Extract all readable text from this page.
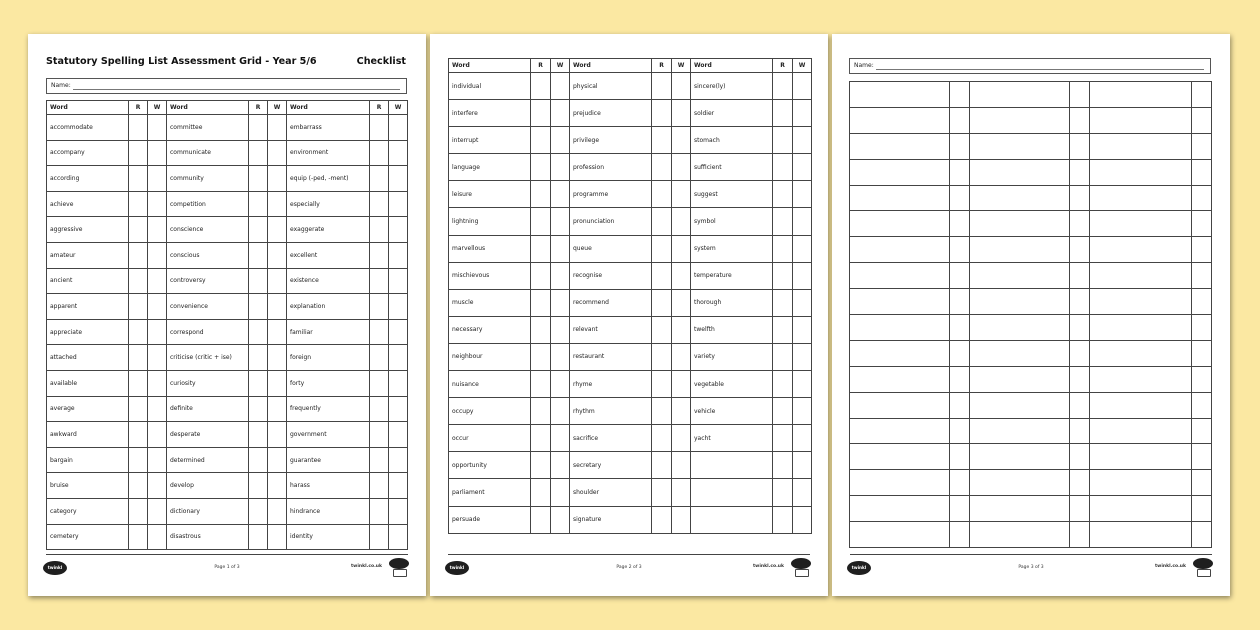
Statutory Spelling List Assessment Grid - Year 5/6	Checklist
Name:
Word	R	W	Word	R	W	Word	R	W
accommodate			committee			embarrass		
accompany			communicate			environment		
according			community			equip (-ped, -ment)		
achieve			competition			especially		
aggressive			conscience			exaggerate		
amateur			conscious			excellent		
ancient			controversy			existence		
apparent			convenience			explanation		
appreciate			correspond			familiar		
attached			criticise (critic + ise)			foreign		
available			curiosity			forty		
average			definite			frequently		
awkward			desperate			government		
bargain			determined			guarantee		
bruise			develop			harass		
category			dictionary			hindrance		
cemetery			disastrous			identity		
twinkl	Page 1 of 3	twinkl.co.uk
Word	R	W	Word	R	W	Word	R	W
individual			physical			sincere(ly)		
interfere			prejudice			soldier		
interrupt			privilege			stomach		
language			profession			sufficient		
leisure			programme			suggest		
lightning			pronunciation			symbol		
marvellous			queue			system		
mischievous			recognise			temperature		
muscle			recommend			thorough		
necessary			relevant			twelfth		
neighbour			restaurant			variety		
nuisance			rhyme			vegetable		
occupy			rhythm			vehicle		
occur			sacrifice			yacht		
opportunity			secretary					
parliament			shoulder					
persuade			signature					
twinkl	Page 2 of 3	twinkl.co.uk
Name:

twinkl	Page 3 of 3	twinkl.co.uk
